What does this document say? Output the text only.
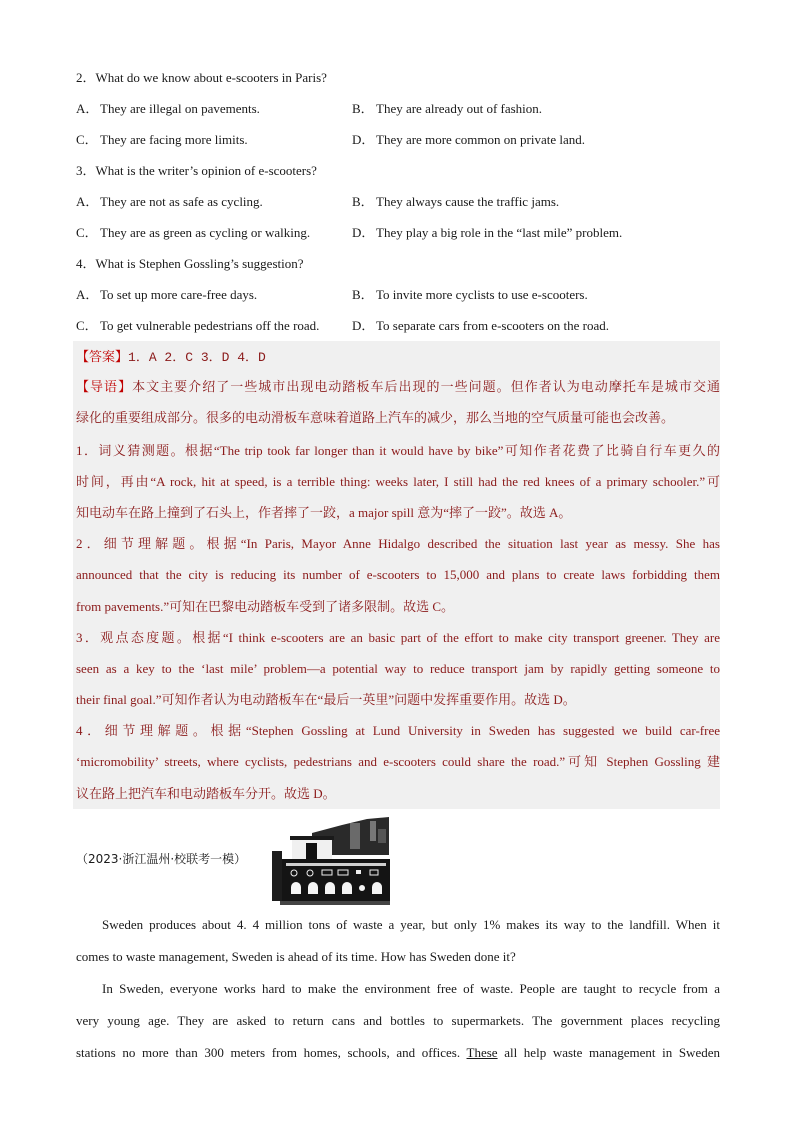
2．What do we know about e-scooters in Paris?
A． They are illegal on pavements.	B． They are already out of fashion.
C． They are facing more limits.	D． They are more common on private land.
3．What is the writer’s opinion of e-scooters?
A． They are not as safe as cycling.	B． They always cause the traffic jams.
C． They are as green as cycling or walking.	D． They play a big role in the “last mile” problem.
4．What is Stephen Gossling’s suggestion?
A． To set up more care-free days.	B． To invite more cyclists to use e-scooters.
C． To get vulnerable pedestrians off the road.	D． To separate cars from e-scooters on the road.
【答案】1．A 2．C 3．D 4．D
【导语】本文主要介绍了一些城市出现电动踏板车后出现的一些问题。但作者认为电动摩托车是城市交通
绿化的重要组成部分。很多的电动滑板车意味着道路上汽车的减少，那么当地的空气质量可能也会改善。
1．词义猜测题。根据“The trip took far longer than it would have by bike”可知作者花费了比骑自行车更久的
时间，再由“A rock, hit at speed, is a terrible thing: weeks later, I still had the red knees of a primary schooler.”可
知电动车在路上撞到了石头上，作者摔了一跤，a major spill 意为“摔了一跤”。故选 A。
2．细节理解题。根据“In Paris, Mayor Anne Hidalgo described the situation last year as messy. She has
announced that the city is reducing its number of e-scooters to 15,000 and plans to create laws forbidding them
from pavements.”可知在巴黎电动踏板车受到了诸多限制。故选 C。
3．观点态度题。根据“I think e-scooters are an basic part of the effort to make city transport greener. They are
seen as a key to the ‘last mile’ problem—a potential way to reduce transport jam by rapidly getting someone to
their final goal.”可知作者认为电动踏板车在“最后一英里”问题中发挥重要作用。故选 D。
4．细节理解题。根据“Stephen Gossling at Lund University in Sweden has suggested we build car-free
‘micromobility’ streets, where cyclists, pedestrians and e-scooters could share the road.”可知 Stephen Gossling 建
议在路上把汽车和电动踏板车分开。故选 D。
（2023·浙江温州·校联考一模）
Sweden produces about 4. 4 million tons of waste a year, but only 1% makes its way to the landfill. When it
comes to waste management, Sweden is ahead of its time. How has Sweden done it?
In Sweden, everyone works hard to make the environment free of waste. People are taught to recycle from a
very young age. They are asked to return cans and bottles to supermarkets. The government places recycling
stations no more than 300 meters from homes, schools, and offices. These all help waste management in Sweden
